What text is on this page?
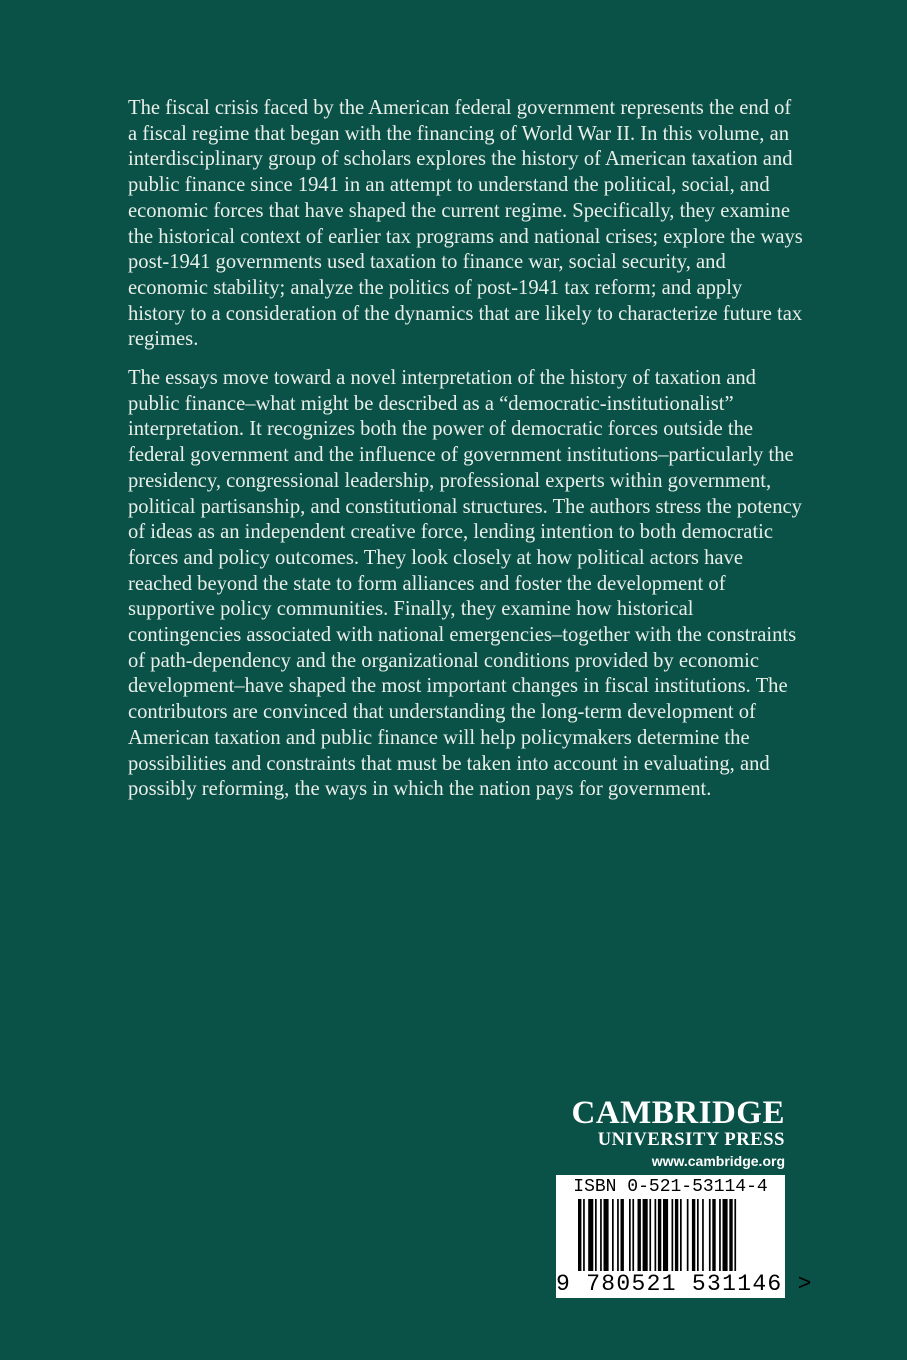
The fiscal crisis faced by the American federal government represents the end of a fiscal regime that began with the financing of World War II. In this volume, an interdisciplinary group of scholars explores the history of American taxation and public finance since 1941 in an attempt to understand the political, social, and economic forces that have shaped the current regime. Specifically, they examine the historical context of earlier tax programs and national crises; explore the ways post-1941 governments used taxation to finance war, social security, and economic stability; analyze the politics of post-1941 tax reform; and apply history to a consideration of the dynamics that are likely to characterize future tax regimes.

The essays move toward a novel interpretation of the history of taxation and public finance–what might be described as a “democratic-institutionalist” interpretation. It recognizes both the power of democratic forces outside the federal government and the influence of government institutions–particularly the presidency, congressional leadership, professional experts within government, political partisanship, and constitutional structures. The authors stress the potency of ideas as an independent creative force, lending intention to both democratic forces and policy outcomes. They look closely at how political actors have reached beyond the state to form alliances and foster the development of supportive policy communities. Finally, they examine how historical contingencies associated with national emergencies–together with the constraints of path-dependency and the organizational conditions provided by economic development–have shaped the most important changes in fiscal institutions. The contributors are convinced that understanding the long-term development of American taxation and public finance will help policymakers determine the possibilities and constraints that must be taken into account in evaluating, and possibly reforming, the ways in which the nation pays for government.

CAMBRIDGE
UNIVERSITY PRESS
www.cambridge.org
ISBN 0-521-53114-4
9 780521 531146 >
